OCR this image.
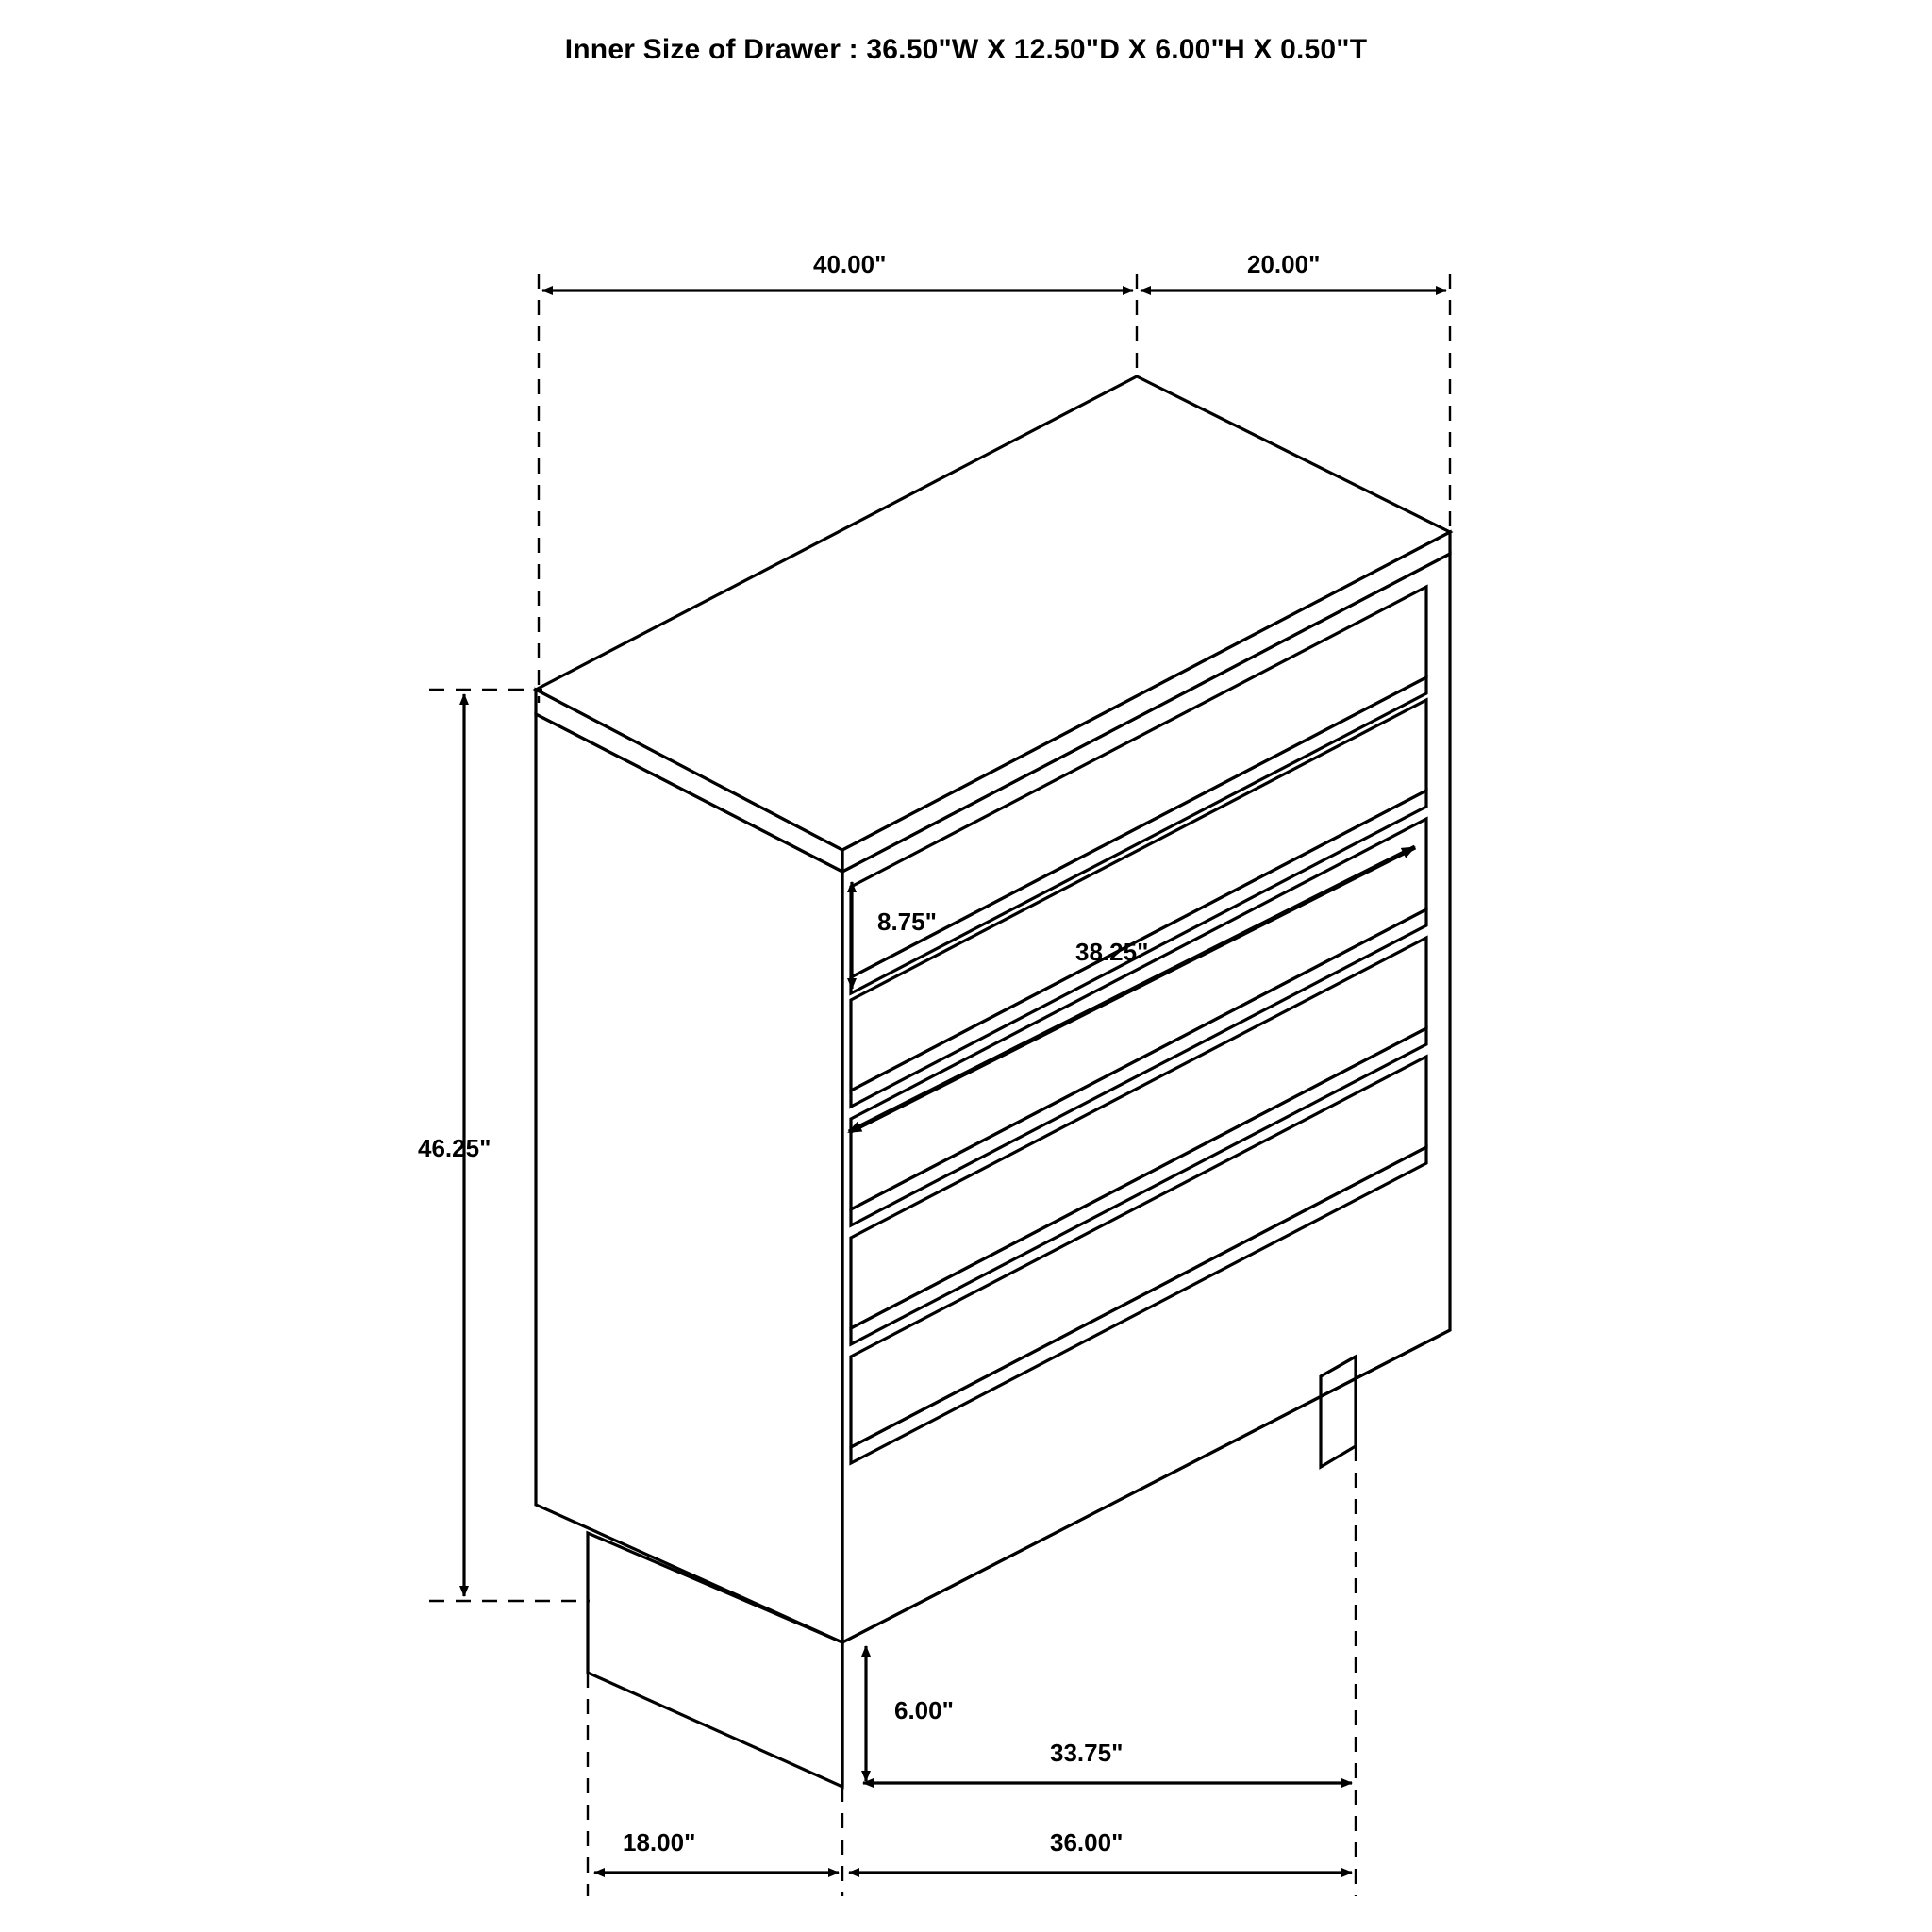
Inner Size of Drawer : 36.50"W X 12.50"D X 6.00"H X 0.50"T
40.00"	20.00"
46.25"
8.75"
38.25"
6.00"
18.00"
33.75"
36.00"
